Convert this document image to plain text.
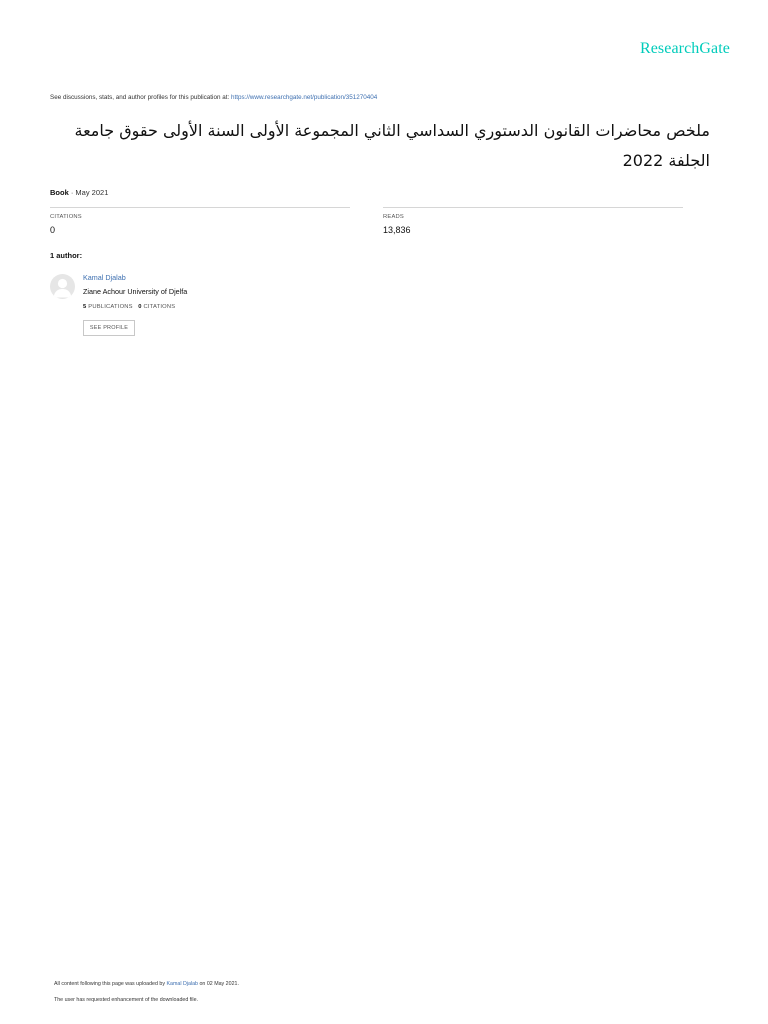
ResearchGate
See discussions, stats, and author profiles for this publication at: https://www.researchgate.net/publication/351270404
ملخص محاضرات القانون الدستوري السداسي الثاني المجموعة الأولى السنة الأولى حقوق جامعة الجلفة 2022
Book · May 2021
CITATIONS
0
READS
13,836
1 author:
Kamal Djalab
Ziane Achour University of Djelfa
5 PUBLICATIONS 0 CITATIONS
SEE PROFILE
All content following this page was uploaded by Kamal Djalab on 02 May 2021.
The user has requested enhancement of the downloaded file.
